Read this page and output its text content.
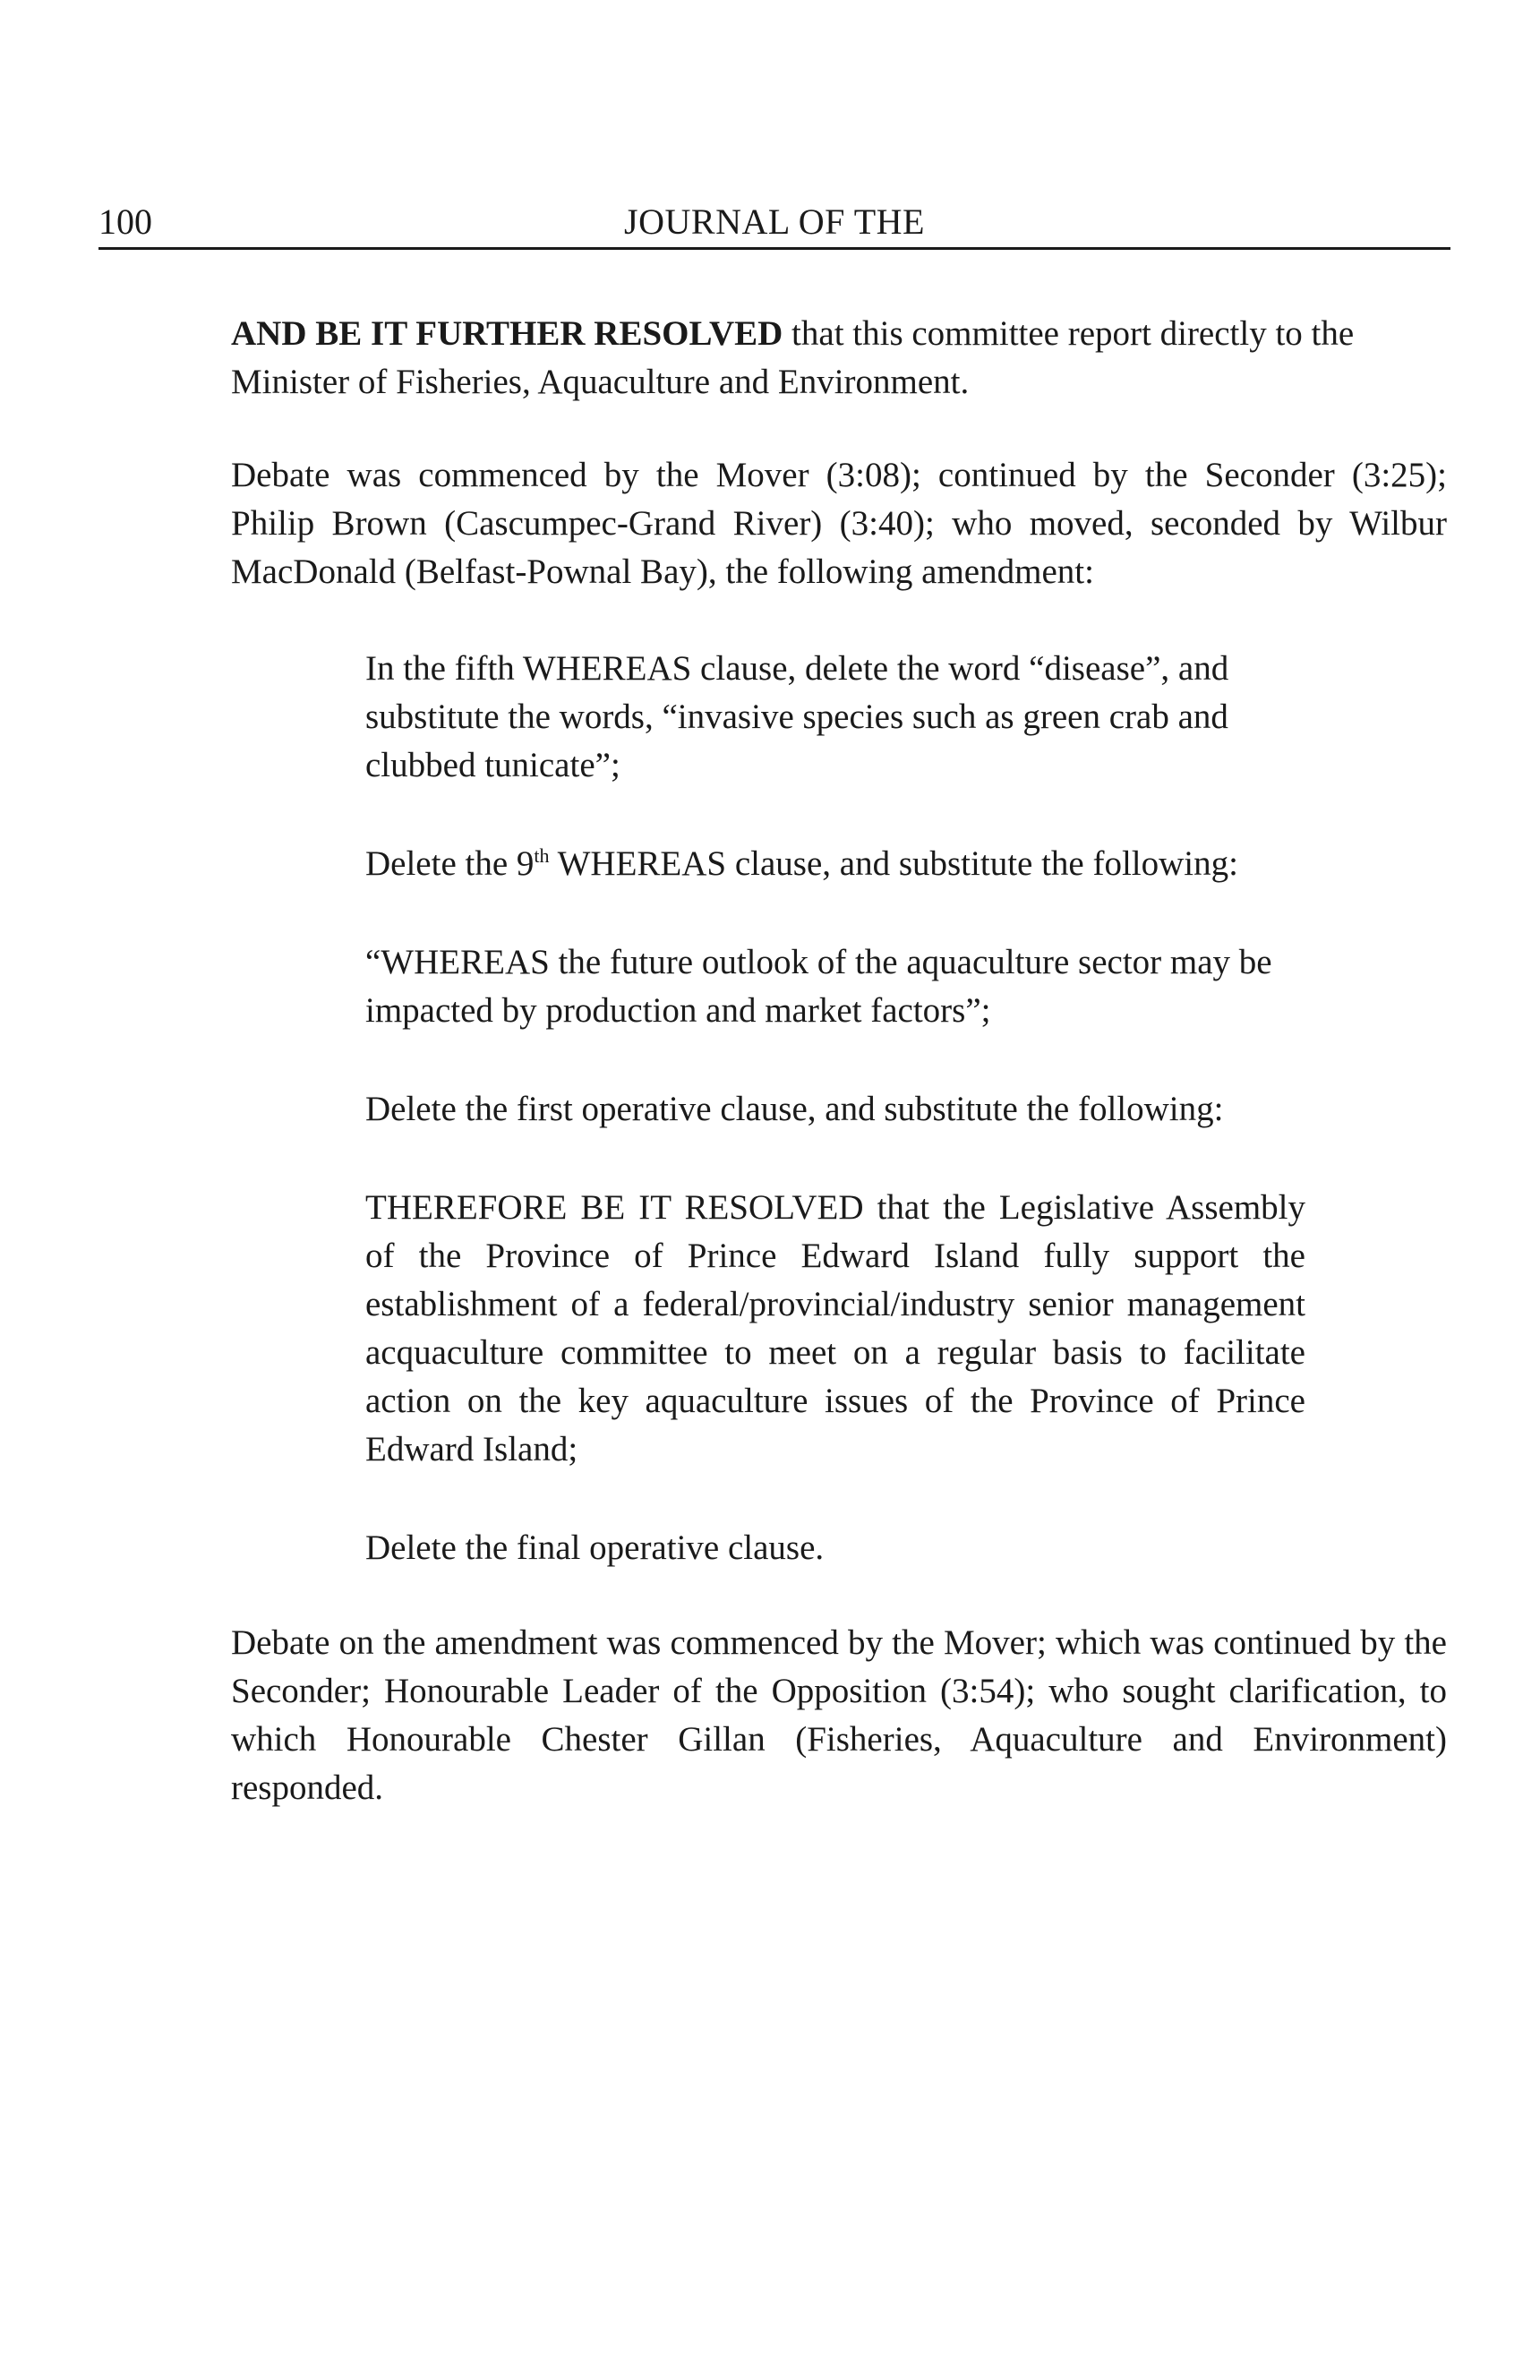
100	JOURNAL OF THE

AND BE IT FURTHER RESOLVED that this committee report directly to the Minister of Fisheries, Aquaculture and Environment.

Debate was commenced by the Mover (3:08); continued by the Seconder (3:25); Philip Brown (Cascumpec-Grand River) (3:40); who moved, seconded by Wilbur MacDonald (Belfast-Pownal Bay), the following amendment:

In the fifth WHEREAS clause, delete the word “disease”, and substitute the words, “invasive species such as green crab and clubbed tunicate”;

Delete the 9th WHEREAS clause, and substitute the following:

“WHEREAS the future outlook of the aquaculture sector may be impacted by production and market factors”;

Delete the first operative clause, and substitute the following:

THEREFORE BE IT RESOLVED that the Legislative Assembly of the Province of Prince Edward Island fully support the establishment of a federal/provincial/industry senior management acquaculture committee to meet on a regular basis to facilitate action on the key aquaculture issues of the Province of Prince Edward Island;

Delete the final operative clause.

Debate on the amendment was commenced by the Mover; which was continued by the Seconder; Honourable Leader of the Opposition (3:54); who sought clarification, to which Honourable Chester Gillan (Fisheries, Aquaculture and Environment) responded.
